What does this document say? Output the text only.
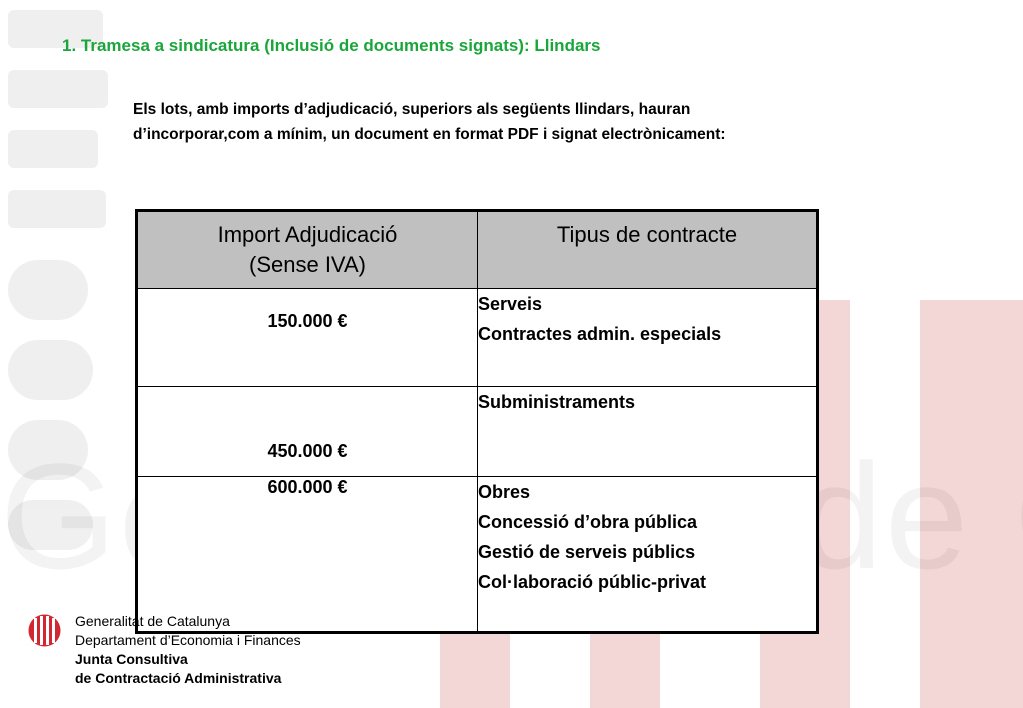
1. Tramesa a sindicatura (Inclusió de documents signats): Llindars
Els lots, amb imports d’adjudicació, superiors als següents llindars, hauran
d’incorporar,com a mínim, un document en format PDF i signat electrònicament:
Import Adjudicació
(Sense IVA)	Tipus de contracte
150.000 €	Serveis
Contractes admin. especials

450.000 €	Subministraments

600.000 €	Obres
Concessió d’obra pública
Gestió de serveis públics
Col·laboració públic-privat
Generalitat de Catalunya
Departament d’Economia i Finances
Junta Consultiva
de Contractació Administrativa
